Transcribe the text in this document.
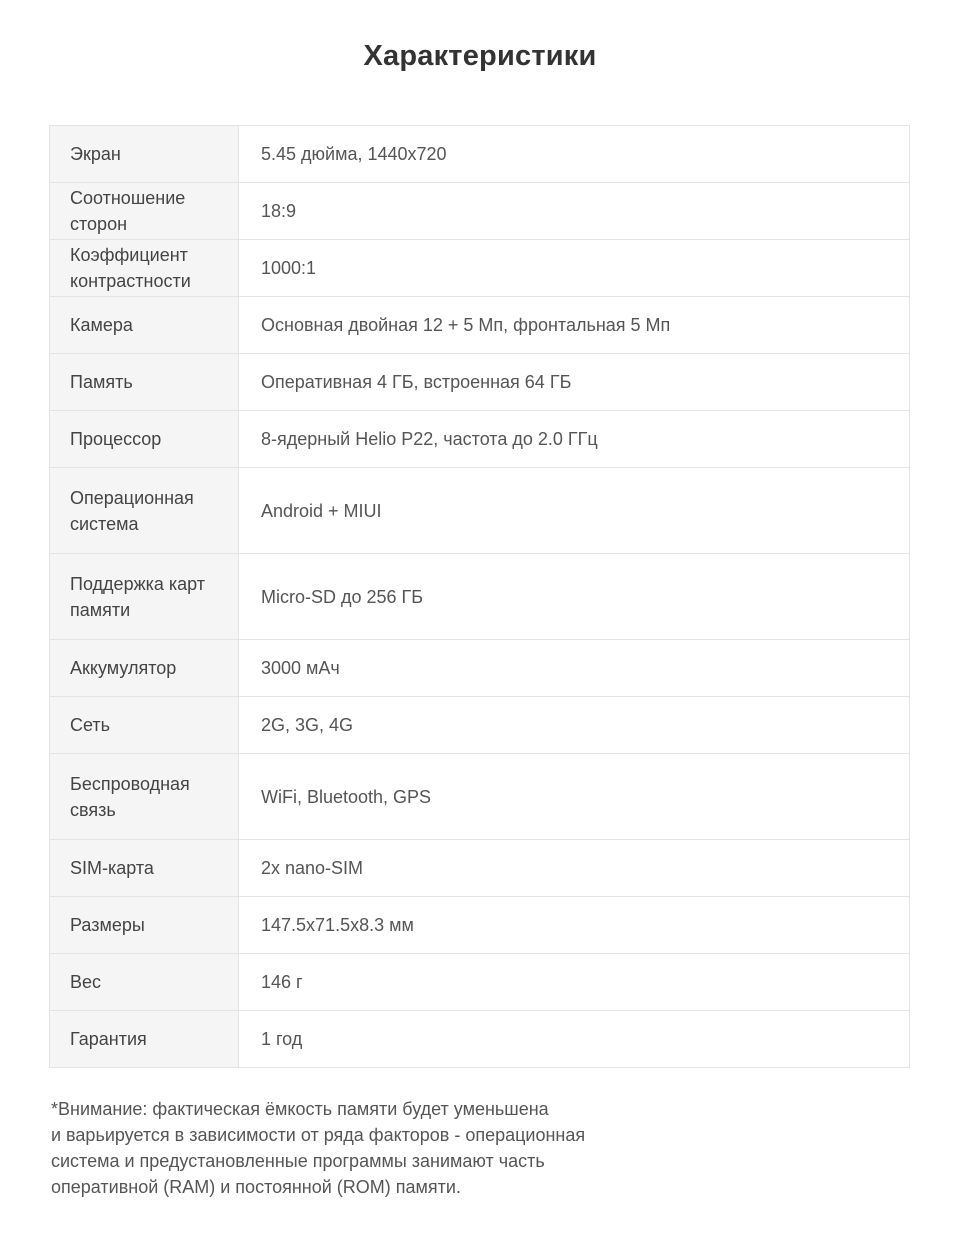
Характеристики
Экран	5.45 дюйма, 1440x720
Соотношение сторон	18:9
Коэффициент контрастности	1000:1
Камера	Основная двойная 12 + 5 Мп, фронтальная 5 Мп
Память	Оперативная 4 ГБ, встроенная 64 ГБ
Процессор	8-ядерный Helio P22, частота до 2.0 ГГц
Операционная система	Android + MIUI
Поддержка карт памяти	Micro-SD до 256 ГБ
Аккумулятор	3000 мАч
Сеть	2G, 3G, 4G
Беспроводная связь	WiFi, Bluetooth, GPS
SIM-карта	2x nano-SIM
Размеры	147.5x71.5x8.3 мм
Вес	146 г
Гарантия	1 год
*Внимание: фактическая ёмкость памяти будет уменьшена
и варьируется в зависимости от ряда факторов - операционная
система и предустановленные программы занимают часть
оперативной (RAM) и постоянной (ROM) памяти.
